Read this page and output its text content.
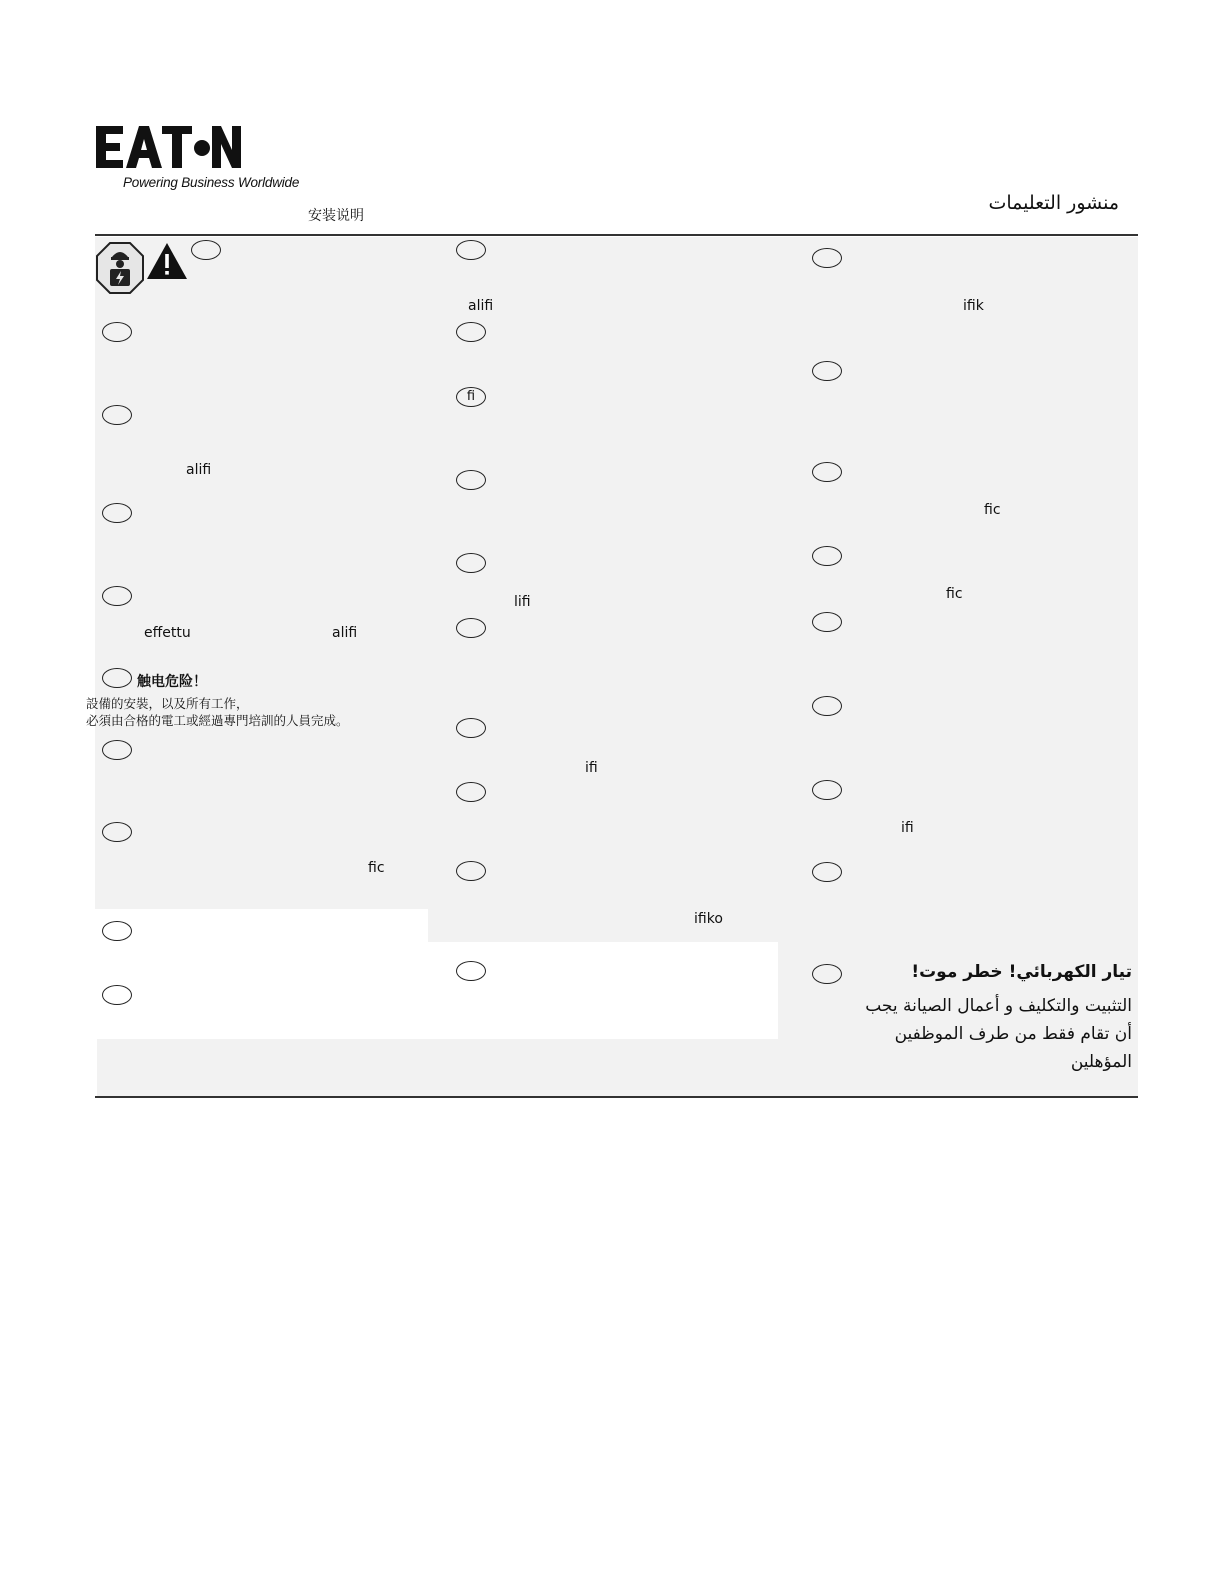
Powering Business Worldwide
安装说明
منشور التعليمات
alifi
effettu	alifi
触电危险！
設備的安裝，以及所有工作，
必須由合格的電工或經過專門培訓的人員完成。
fic
alifi
fi
lifi
ifi
ifiko
ifik
fic
fic
ifi
تيار الكهربائي! خطر موت!
التثبيت والتكليف و أعمال الصيانة يجب
أن تقام فقط من طرف الموظفين
المؤهلين
